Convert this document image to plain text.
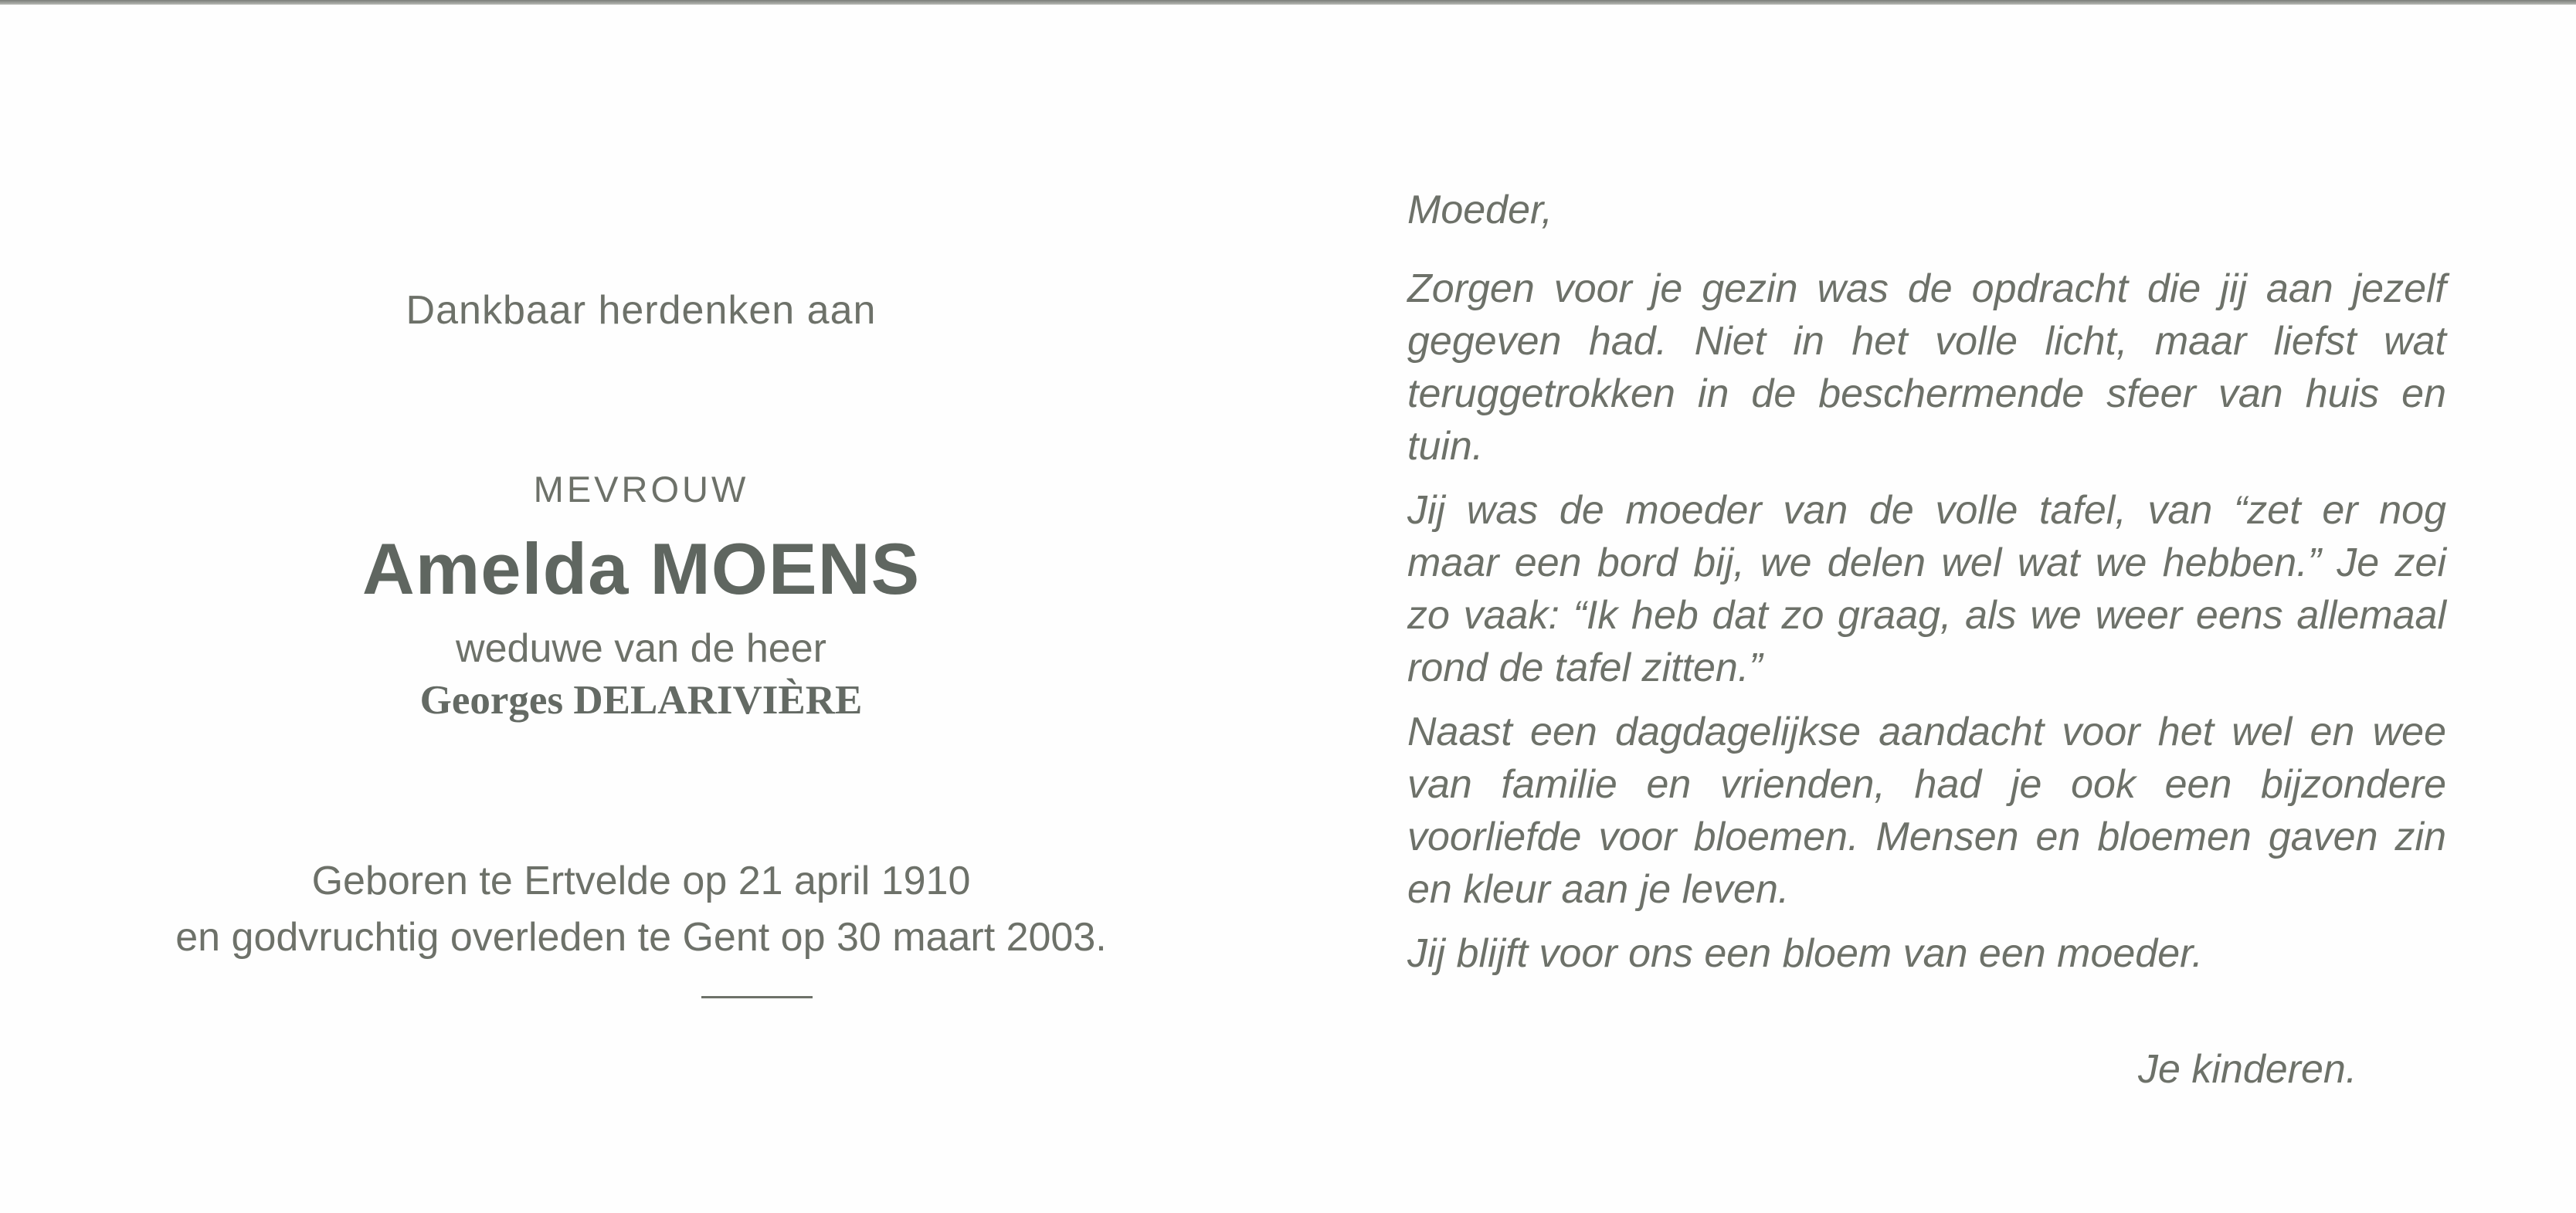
Dankbaar herdenken aan
MEVROUW
Amelda MOENS
weduwe van de heer
Georges DELARIVIÈRE
Geboren te Ertvelde op 21 april 1910
en godvruchtig overleden te Gent op 30 maart 2003.
Moeder,
Zorgen voor je gezin was de opdracht die jij aan jezelf
gegeven had. Niet in het volle licht, maar liefst wat
teruggetrokken in de beschermende sfeer van huis en
tuin.
Jij was de moeder van de volle tafel, van “zet er nog
maar een bord bij, we delen wel wat we hebben.” Je zei
zo vaak: “Ik heb dat zo graag, als we weer eens allemaal
rond de tafel zitten.”
Naast een dagdagelijkse aandacht voor het wel en wee
van familie en vrienden, had je ook een bijzondere
voorliefde voor bloemen. Mensen en bloemen gaven zin
en kleur aan je leven.
Jij blijft voor ons een bloem van een moeder.
Je kinderen.
